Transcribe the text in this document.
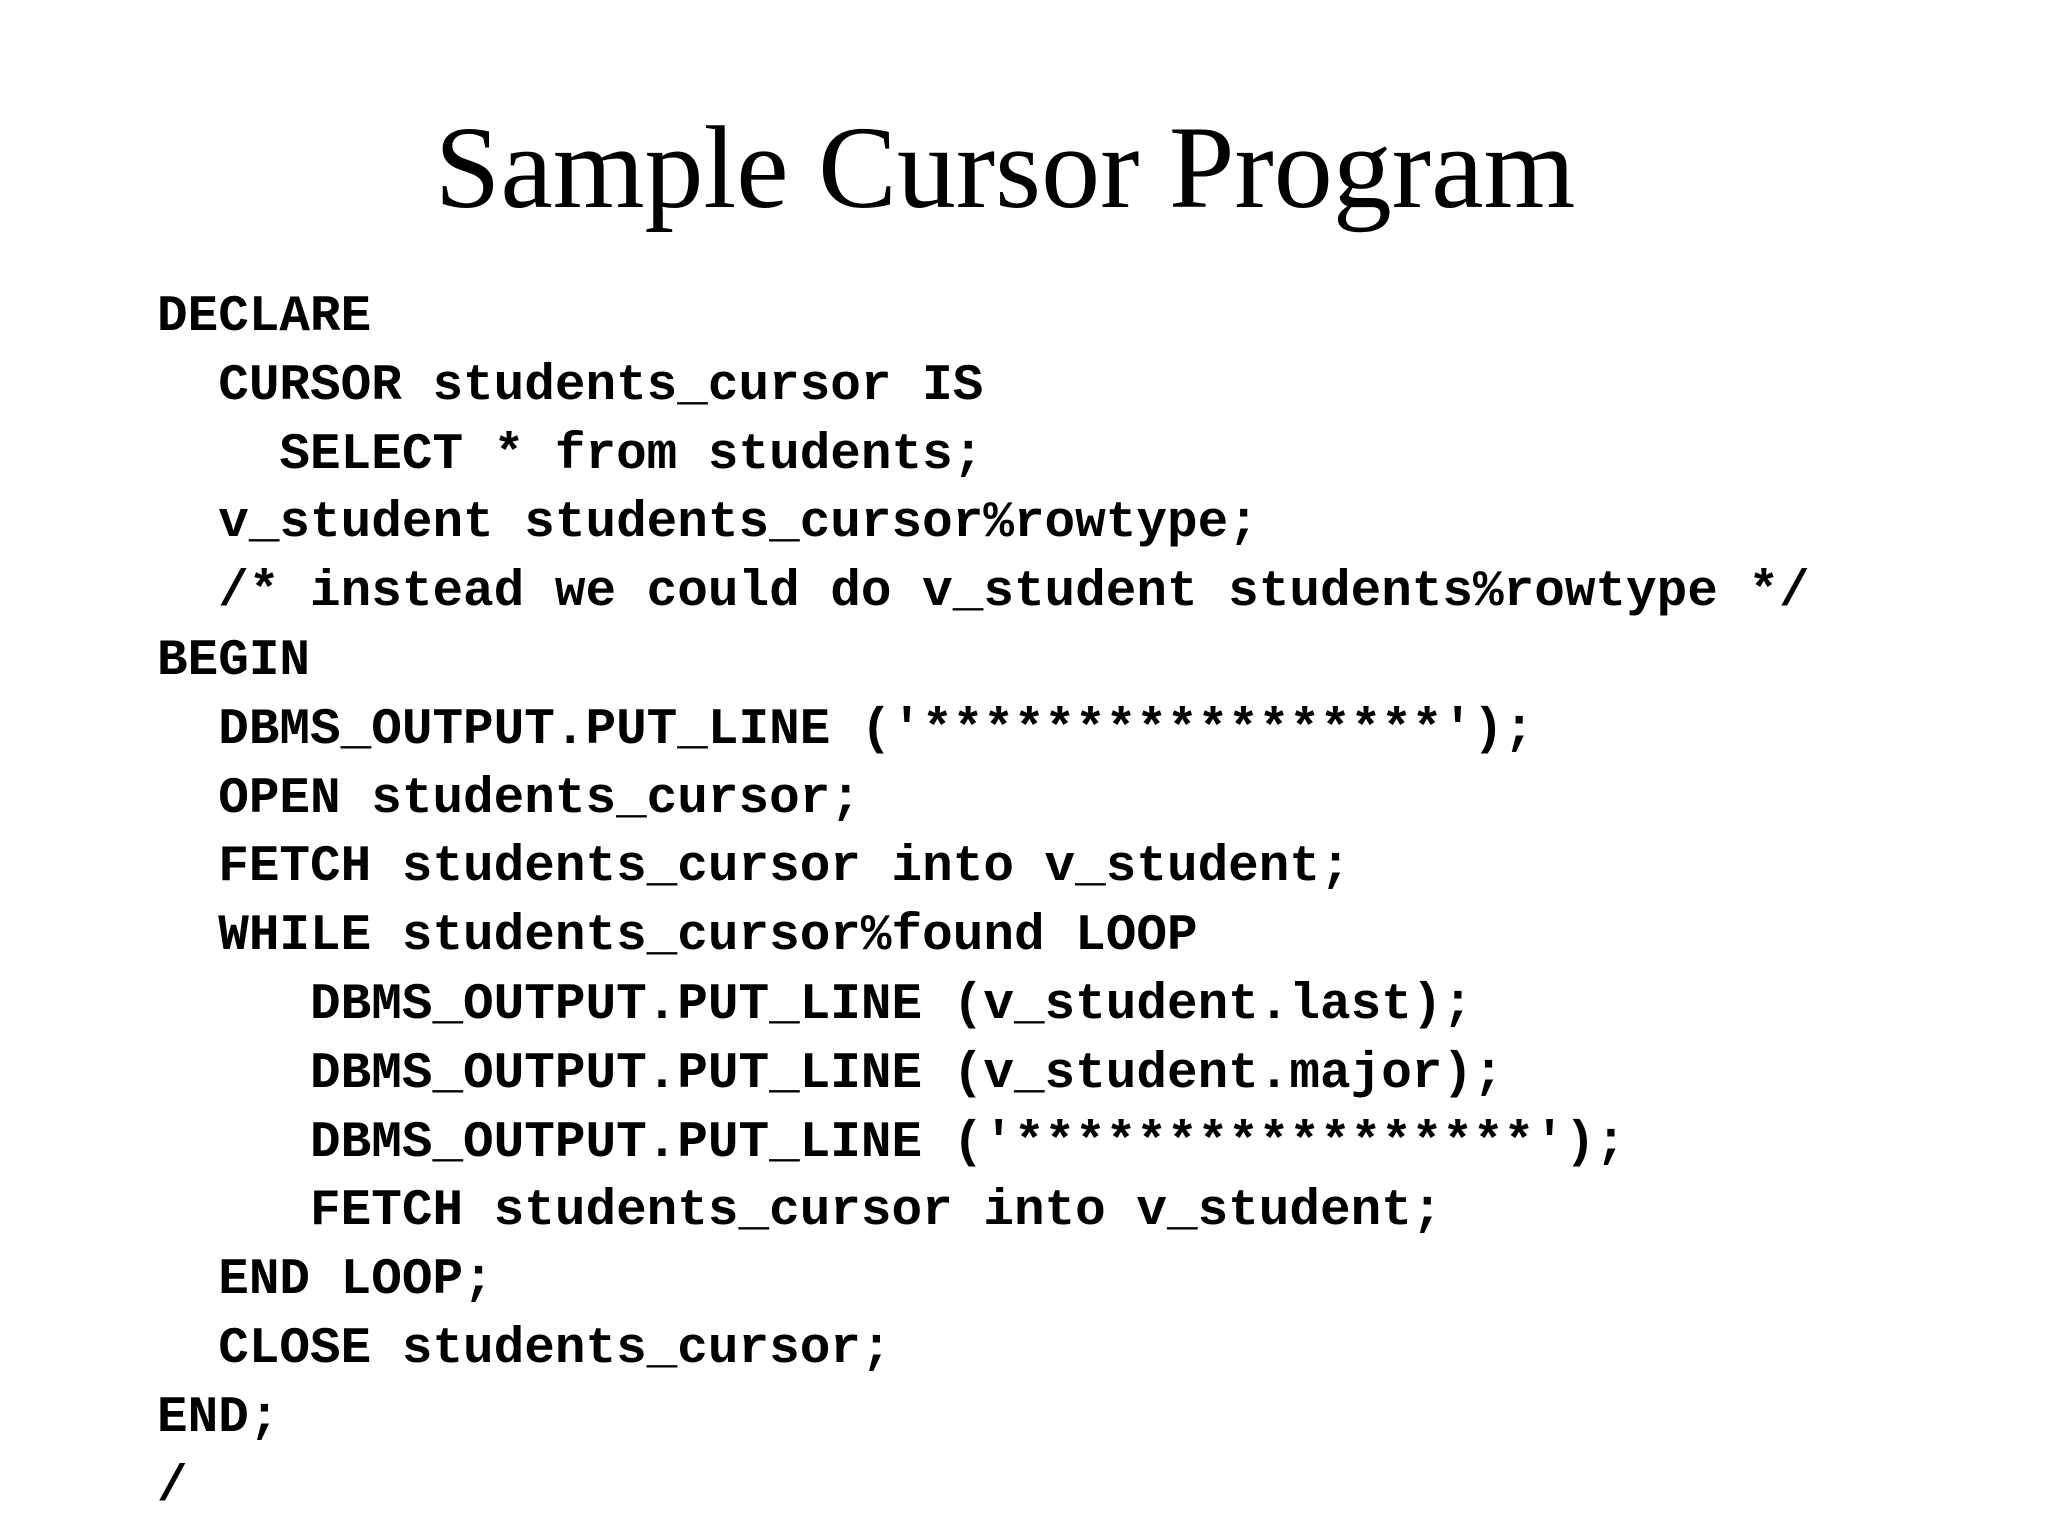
Sample Cursor Program
DECLARE
CURSOR students_cursor IS
SELECT * from students;
v_student students_cursor%rowtype;
/* instead we could do v_student students%rowtype */
BEGIN
DBMS_OUTPUT.PUT_LINE ('*****************');
OPEN students_cursor;
FETCH students_cursor into v_student;
WHILE students_cursor%found LOOP
DBMS_OUTPUT.PUT_LINE (v_student.last);
DBMS_OUTPUT.PUT_LINE (v_student.major);
DBMS_OUTPUT.PUT_LINE ('*****************');
FETCH students_cursor into v_student;
END LOOP;
CLOSE students_cursor;
END;
/
